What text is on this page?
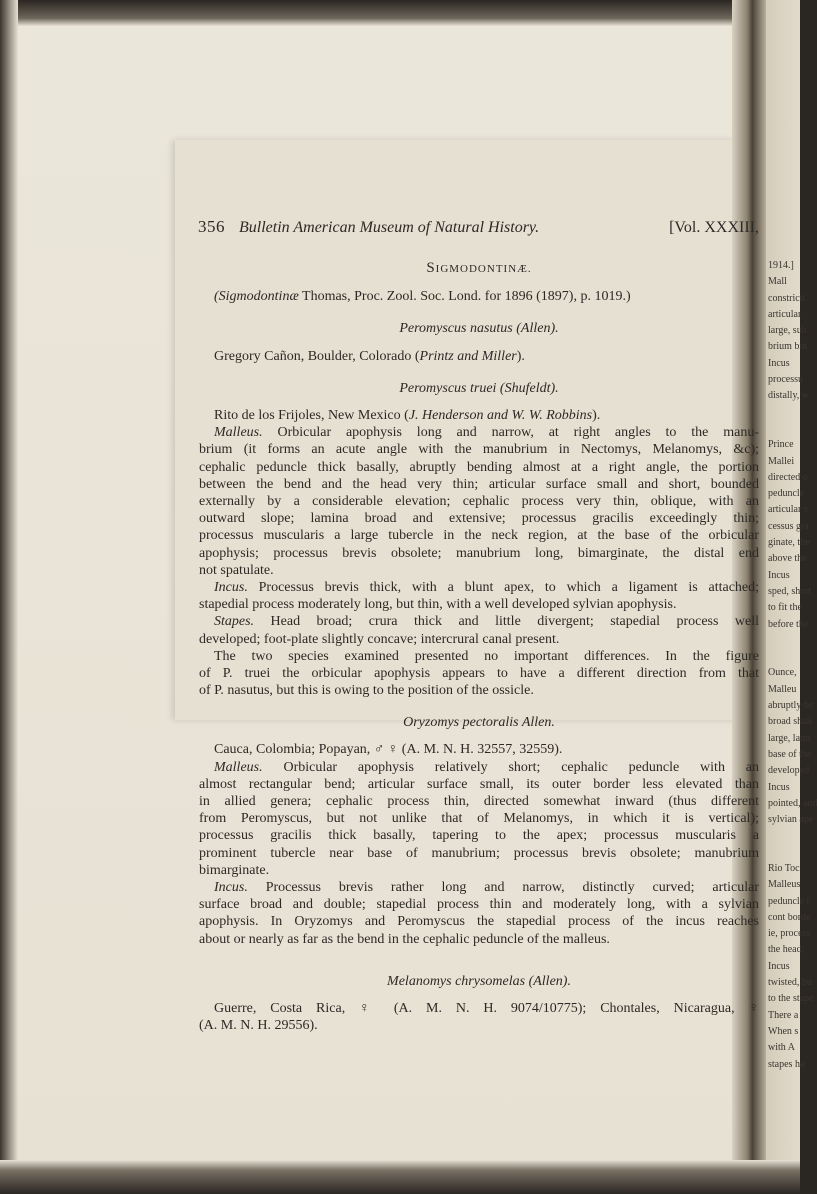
1914.]
Mall
constricti
articular
large, sub
brium bin
Incus
processu
distally, w
Prince
Mallei
directed o
peduncle
articular s
cessus gra
ginate, the
above the
Incus
sped, short
to fit the
before the
Ounce,
Malleu
abruptly be
broad shall
large, lami
base of the
developed
Incus
pointed, and
sylvian ape
Rio Toc
Malleus
peduncle t
cont borde
ie, process
the head;
Incus
twisted, bu
to the stape
There a
When s
with A
stapes ha
356 Bulletin American Museum of Natural History.	[Vol. XXXIII,
SIGMODONTINÆ.
(Sigmodontinæ Thomas, Proc. Zool. Soc. Lond. for 1896 (1897), p. 1019.)
Peromyscus nasutus (Allen).
Gregory Cañon, Boulder, Colorado (Printz and Miller).
Peromyscus truei (Shufeldt).
Rito de los Frijoles, New Mexico (J. Henderson and W. W. Robbins).
Malleus. Orbicular apophysis long and narrow, at right angles to the manu-
brium (it forms an acute angle with the manubrium in Nectomys, Melanomys, &c);
cephalic peduncle thick basally, abruptly bending almost at a right angle, the portion
between the bend and the head very thin; articular surface small and short, bounded
externally by a considerable elevation; cephalic process very thin, oblique, with an
outward slope; lamina broad and extensive; processus gracilis exceedingly thin;
processus muscularis a large tubercle in the neck region, at the base of the orbicular
apophysis; processus brevis obsolete; manubrium long, bimarginate, the distal end
not spatulate.
Incus. Processus brevis thick, with a blunt apex, to which a ligament is attached;
stapedial process moderately long, but thin, with a well developed sylvian apophysis.
Stapes. Head broad; crura thick and little divergent; stapedial process well
developed; foot-plate slightly concave; intercrural canal present.
The two species examined presented no important differences. In the figure
of P. truei the orbicular apophysis appears to have a different direction from that
of P. nasutus, but this is owing to the position of the ossicle.
Oryzomys pectoralis Allen.
Cauca, Colombia; Popayan, ♂ ♀ (A. M. N. H. 32557, 32559).
Malleus. Orbicular apophysis relatively short; cephalic peduncle with an
almost rectangular bend; articular surface small, its outer border less elevated than
in allied genera; cephalic process thin, directed somewhat inward (thus different
from Peromyscus, but not unlike that of Melanomys, in which it is vertical);
processus gracilis thick basally, tapering to the apex; processus muscularis a
prominent tubercle near base of manubrium; processus brevis obsolete; manubrium
bimarginate.
Incus. Processus brevis rather long and narrow, distinctly curved; articular
surface broad and double; stapedial process thin and moderately long, with a sylvian
apophysis. In Oryzomys and Peromyscus the stapedial process of the incus reaches
about or nearly as far as the bend in the cephalic peduncle of the malleus.
Melanomys chrysomelas (Allen).
Guerre, Costa Rica, ♀ (A. M. N. H. 9074/10775); Chontales, Nicaragua, ♀
(A. M. N. H. 29556).
